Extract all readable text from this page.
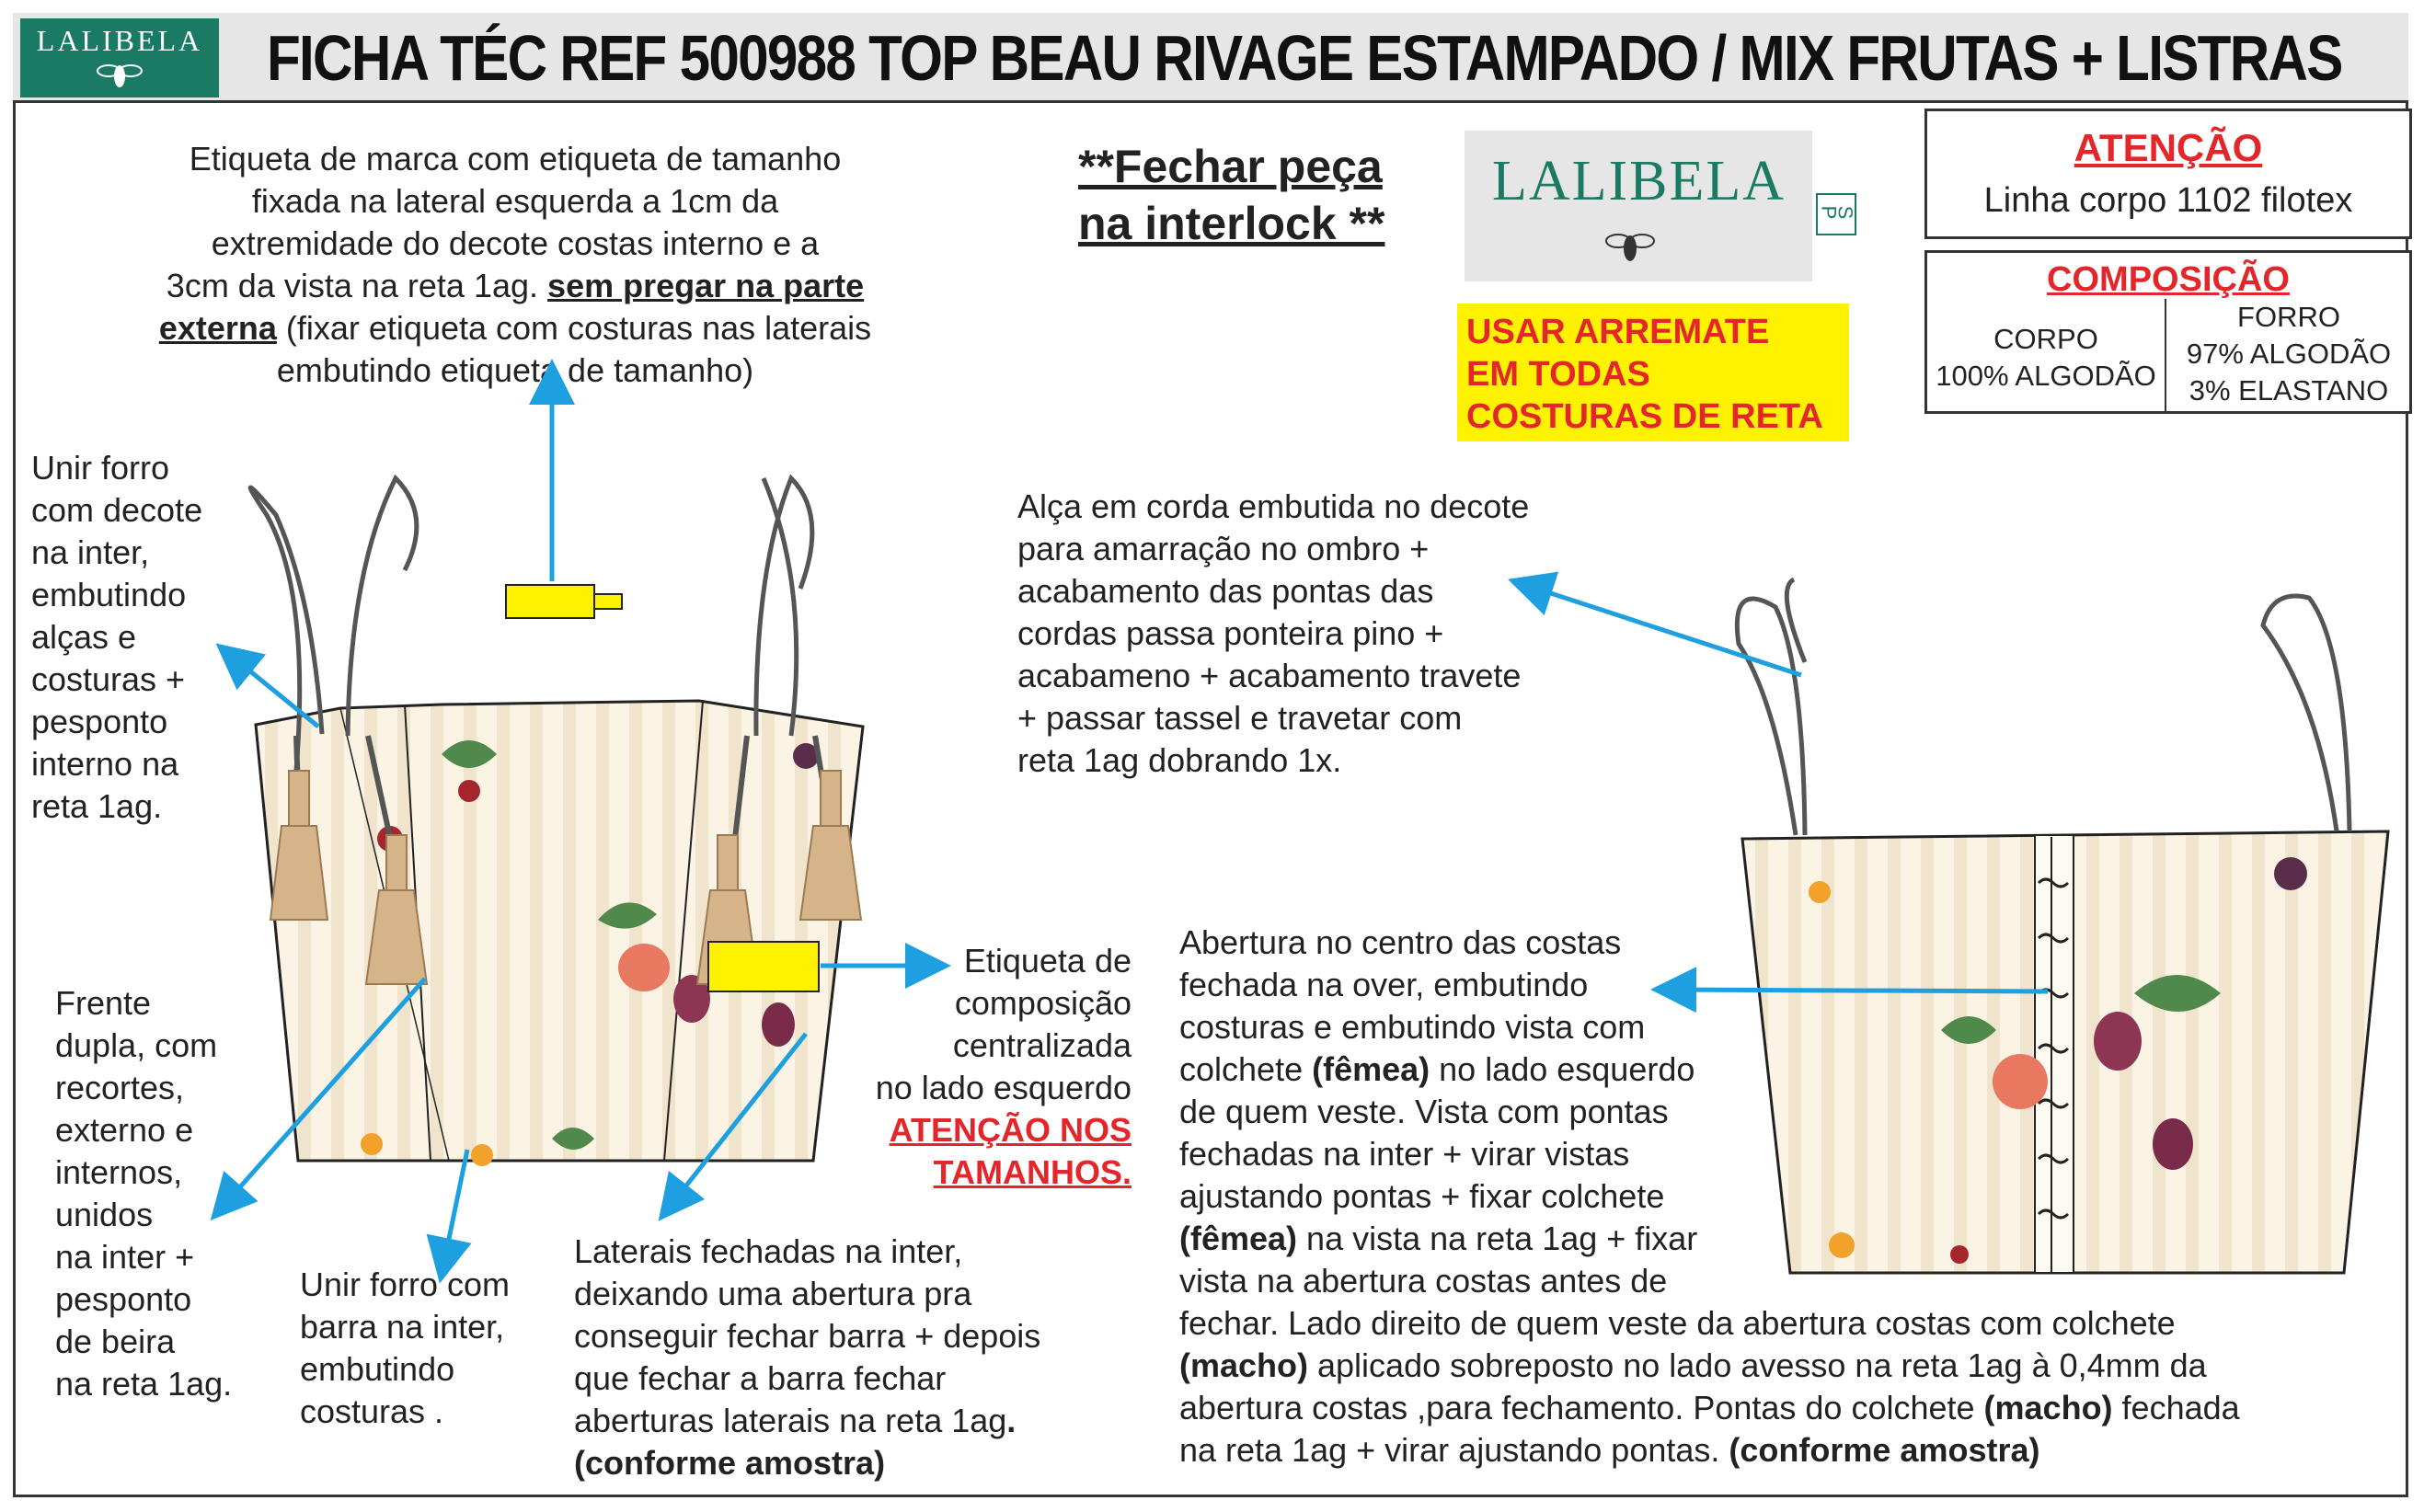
LALIBELA FICHA TÉC REF 500988 TOP BEAU RIVAGE ESTAMPADO / MIX FRUTAS + LISTRAS
Etiqueta de marca com etiqueta de tamanho
fixada na lateral esquerda a 1cm da
extremidade do decote costas interno e a
3cm da vista na reta 1ag. sem pregar na parte
externa (fixar etiqueta com costuras nas laterais
embutindo etiqueta de tamanho)
**Fechar peça
na interlock **
LALIBELA P
S
USAR ARREMATE
EM TODAS
COSTURAS DE RETA
ATENÇÃO
Linha corpo 1102 filotex
COMPOSIÇÃO
CORPO
100% ALGODÃO
FORRO
97% ALGODÃO
3% ELASTANO
Unir forro
com decote
na inter,
embutindo
alças e
costuras +
pesponto
interno na
reta 1ag.
Alça em corda embutida no decote
para amarração no ombro +
acabamento das pontas das
cordas passa ponteira pino +
acabameno + acabamento travete
+ passar tassel e travetar com
reta 1ag dobrando 1x.
Frente
dupla, com
recortes,
externo e
internos,
unidos
na inter +
pesponto
de beira
na reta 1ag.
Etiqueta de
composição
centralizada
no lado esquerdo
ATENÇÃO NOS
TAMANHOS.
Unir forro com
barra na inter,
embutindo
costuras .
Laterais fechadas na inter,
deixando uma abertura pra
conseguir fechar barra + depois
que fechar a barra fechar
aberturas laterais na reta 1ag.
(conforme amostra)
Abertura no centro das costas
fechada na over, embutindo
costuras e embutindo vista com
colchete (fêmea) no lado esquerdo
de quem veste. Vista com pontas
fechadas na inter + virar vistas
ajustando pontas + fixar colchete
(fêmea) na vista na reta 1ag + fixar
vista na abertura costas antes de
fechar. Lado direito de quem veste da abertura costas com colchete
(macho) aplicado sobreposto no lado avesso na reta 1ag à 0,4mm da
abertura costas ,para fechamento. Pontas do colchete (macho) fechada
na reta 1ag + virar ajustando pontas. (conforme amostra)
